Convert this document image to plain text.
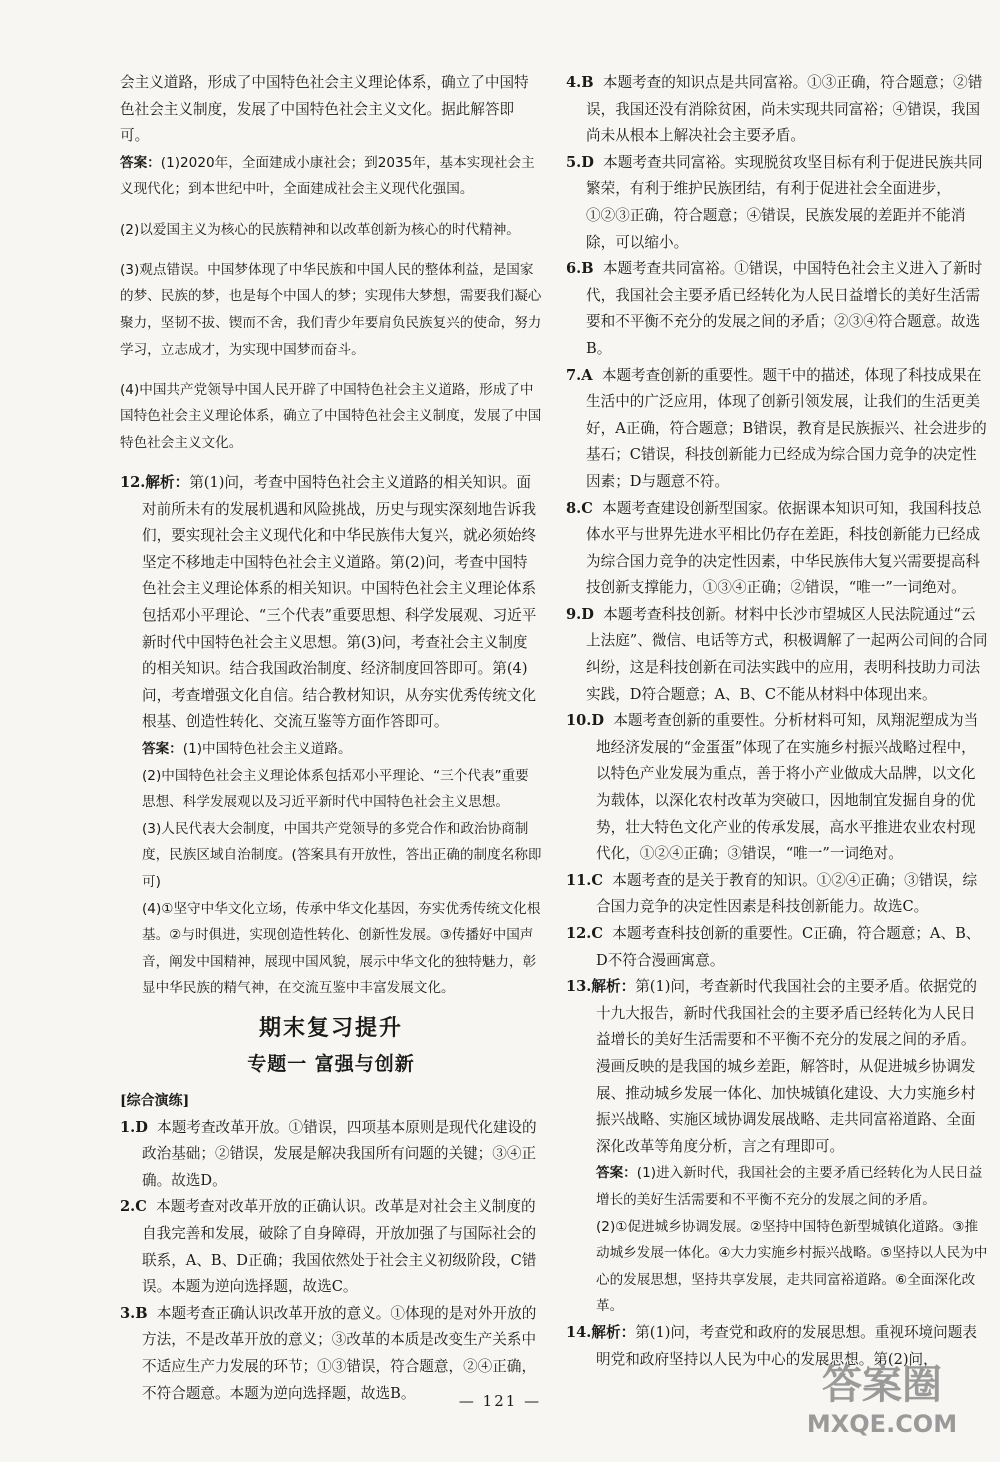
会主义道路，形成了中国特色社会主义理论体系，确立了中国特色社会主义制度，发展了中国特色社会主义文化。据此解答即可。

答案：(1)2020年，全面建成小康社会；到2035年，基本实现社会主义现代化；到本世纪中叶，全面建成社会主义现代化强国。

(2)以爱国主义为核心的民族精神和以改革创新为核心的时代精神。

(3)观点错误。中国梦体现了中华民族和中国人民的整体利益，是国家的梦、民族的梦，也是每个中国人的梦；实现伟大梦想，需要我们凝心聚力，坚韧不拔、锲而不舍，我们青少年要肩负民族复兴的使命，努力学习，立志成才，为实现中国梦而奋斗。

(4)中国共产党领导中国人民开辟了中国特色社会主义道路，形成了中国特色社会主义理论体系，确立了中国特色社会主义制度，发展了中国特色社会主义文化。

12.解析：第(1)问，考查中国特色社会主义道路的相关知识。面对前所未有的发展机遇和风险挑战，历史与现实深刻地告诉我们，要实现社会主义现代化和中华民族伟大复兴，就必须始终坚定不移地走中国特色社会主义道路。第(2)问，考查中国特色社会主义理论体系的相关知识。中国特色社会主义理论体系包括邓小平理论、“三个代表”重要思想、科学发展观、习近平新时代中国特色社会主义思想。第(3)问，考查社会主义制度的相关知识。结合我国政治制度、经济制度回答即可。第(4)问，考查增强文化自信。结合教材知识，从夯实优秀传统文化根基、创造性转化、交流互鉴等方面作答即可。

答案：(1)中国特色社会主义道路。

(2)中国特色社会主义理论体系包括邓小平理论、“三个代表”重要思想、科学发展观以及习近平新时代中国特色社会主义思想。

(3)人民代表大会制度，中国共产党领导的多党合作和政治协商制度，民族区域自治制度。(答案具有开放性，答出正确的制度名称即可)

(4)①坚守中华文化立场，传承中华文化基因，夯实优秀传统文化根基。②与时俱进，实现创造性转化、创新性发展。③传播好中国声音，阐发中国精神，展现中国风貌，展示中华文化的独特魅力，彰显中华民族的精气神，在交流互鉴中丰富发展文化。

期末复习提升
专题一 富强与创新

[综合演练]

1.D 本题考查改革开放。①错误，四项基本原则是现代化建设的政治基础；②错误，发展是解决我国所有问题的关键；③④正确。故选D。

2.C 本题考查对改革开放的正确认识。改革是对社会主义制度的自我完善和发展，破除了自身障碍，开放加强了与国际社会的联系，A、B、D正确；我国依然处于社会主义初级阶段，C错误。本题为逆向选择题，故选C。

3.B 本题考查正确认识改革开放的意义。①体现的是对外开放的方法，不是改革开放的意义；③改革的本质是改变生产关系中不适应生产力发展的环节；①③错误，符合题意，②④正确，不符合题意。本题为逆向选择题，故选B。

4.B 本题考查的知识点是共同富裕。①③正确，符合题意；②错误，我国还没有消除贫困，尚未实现共同富裕；④错误，我国尚未从根本上解决社会主要矛盾。

5.D 本题考查共同富裕。实现脱贫攻坚目标有利于促进民族共同繁荣，有利于维护民族团结，有利于促进社会全面进步，①②③正确，符合题意；④错误，民族发展的差距并不能消除，可以缩小。

6.B 本题考查共同富裕。①错误，中国特色社会主义进入了新时代，我国社会主要矛盾已经转化为人民日益增长的美好生活需要和不平衡不充分的发展之间的矛盾；②③④符合题意。故选B。

7.A 本题考查创新的重要性。题干中的描述，体现了科技成果在生活中的广泛应用，体现了创新引领发展，让我们的生活更美好，A正确，符合题意；B错误，教育是民族振兴、社会进步的基石；C错误，科技创新能力已经成为综合国力竞争的决定性因素；D与题意不符。

8.C 本题考查建设创新型国家。依据课本知识可知，我国科技总体水平与世界先进水平相比仍存在差距，科技创新能力已经成为综合国力竞争的决定性因素，中华民族伟大复兴需要提高科技创新支撑能力，①③④正确；②错误，“唯一”一词绝对。

9.D 本题考查科技创新。材料中长沙市望城区人民法院通过“云上法庭”、微信、电话等方式，积极调解了一起两公司间的合同纠纷，这是科技创新在司法实践中的应用，表明科技助力司法实践，D符合题意；A、B、C不能从材料中体现出来。

10.D 本题考查创新的重要性。分析材料可知，凤翔泥塑成为当地经济发展的“金蛋蛋”体现了在实施乡村振兴战略过程中，以特色产业发展为重点，善于将小产业做成大品牌，以文化为载体，以深化农村改革为突破口，因地制宜发掘自身的优势，壮大特色文化产业的传承发展，高水平推进农业农村现代化，①②④正确；③错误，“唯一”一词绝对。

11.C 本题考查的是关于教育的知识。①②④正确；③错误，综合国力竞争的决定性因素是科技创新能力。故选C。

12.C 本题考查科技创新的重要性。C正确，符合题意；A、B、D不符合漫画寓意。

13.解析：第(1)问，考查新时代我国社会的主要矛盾。依据党的十九大报告，新时代我国社会的主要矛盾已经转化为人民日益增长的美好生活需要和不平衡不充分的发展之间的矛盾。漫画反映的是我国的城乡差距，解答时，从促进城乡协调发展、推动城乡发展一体化、加快城镇化建设、大力实施乡村振兴战略、实施区域协调发展战略、走共同富裕道路、全面深化改革等角度分析，言之有理即可。

答案：(1)进入新时代，我国社会的主要矛盾已经转化为人民日益增长的美好生活需要和不平衡不充分的发展之间的矛盾。

(2)①促进城乡协调发展。②坚持中国特色新型城镇化道路。③推动城乡发展一体化。④大力实施乡村振兴战略。⑤坚持以人民为中心的发展思想，坚持共享发展，走共同富裕道路。⑥全面深化改革。

14.解析：第(1)问，考查党和政府的发展思想。重视环境问题表明党和政府坚持以人民为中心的发展思想。第(2)问，

— 121 —	答案圈
MXQE.COM
